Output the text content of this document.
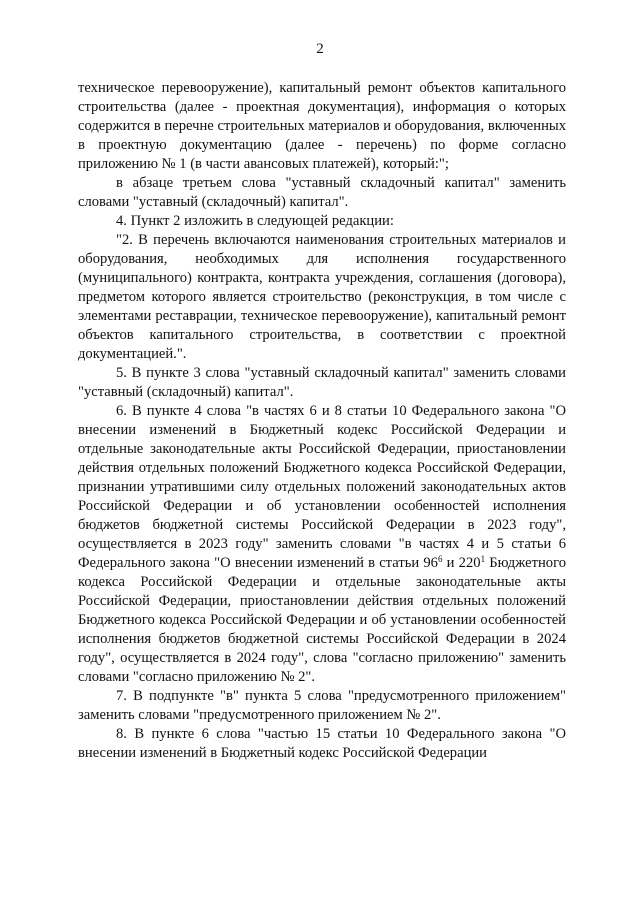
2

техническое перевооружение), капитальный ремонт объектов капитального строительства (далее - проектная документация), информация о которых содержится в перечне строительных материалов и оборудования, включенных в проектную документацию (далее - перечень) по форме согласно приложению № 1 (в части авансовых платежей), который:";

в абзаце третьем слова "уставный складочный капитал" заменить словами "уставный (складочный) капитал".

4. Пункт 2 изложить в следующей редакции:

"2. В перечень включаются наименования строительных материалов и оборудования, необходимых для исполнения государственного (муниципального) контракта, контракта учреждения, соглашения (договора), предметом которого является строительство (реконструкция, в том числе с элементами реставрации, техническое перевооружение), капитальный ремонт объектов капитального строительства, в соответствии с проектной документацией.".

5. В пункте 3 слова "уставный складочный капитал" заменить словами "уставный (складочный) капитал".

6. В пункте 4 слова "в частях 6 и 8 статьи 10 Федерального закона "О внесении изменений в Бюджетный кодекс Российской Федерации и отдельные законодательные акты Российской Федерации, приостановлении действия отдельных положений Бюджетного кодекса Российской Федерации, признании утратившими силу отдельных положений законодательных актов Российской Федерации и об установлении особенностей исполнения бюджетов бюджетной системы Российской Федерации в 2023 году", осуществляется в 2023 году" заменить словами "в частях 4 и 5 статьи 6 Федерального закона "О внесении изменений в статьи $96^6$ и $220^1$ Бюджетного кодекса Российской Федерации и отдельные законодательные акты Российской Федерации, приостановлении действия отдельных положений Бюджетного кодекса Российской Федерации и об установлении особенностей исполнения бюджетов бюджетной системы Российской Федерации в 2024 году", осуществляется в 2024 году", слова "согласно приложению" заменить словами "согласно приложению № 2".

7. В подпункте "в" пункта 5 слова "предусмотренного приложением" заменить словами "предусмотренного приложением № 2".

8. В пункте 6 слова "частью 15 статьи 10 Федерального закона "О внесении изменений в Бюджетный кодекс Российской Федерации
